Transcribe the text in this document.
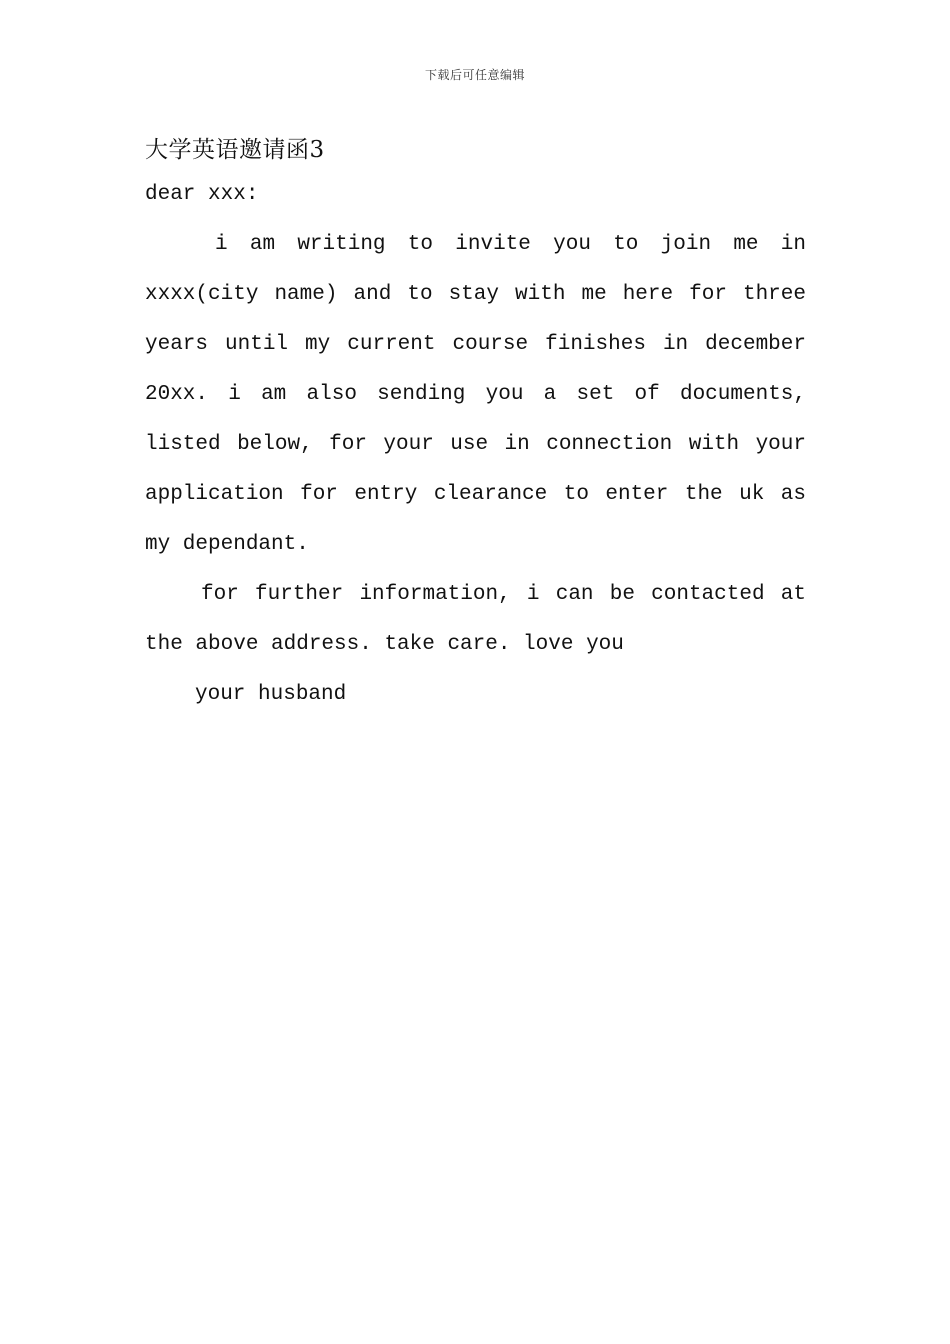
下载后可任意编辑
大学英语邀请函3
dear xxx:

i am writing to invite you to join me in xxxx(city name) and to stay with me here for three years until my current course finishes in december 20xx. i am also sending you a set of documents, listed below, for your use in connection with your application for entry clearance to enter the uk as my dependant.

for further information, i can be contacted at the above address. take care. love you

your husband
